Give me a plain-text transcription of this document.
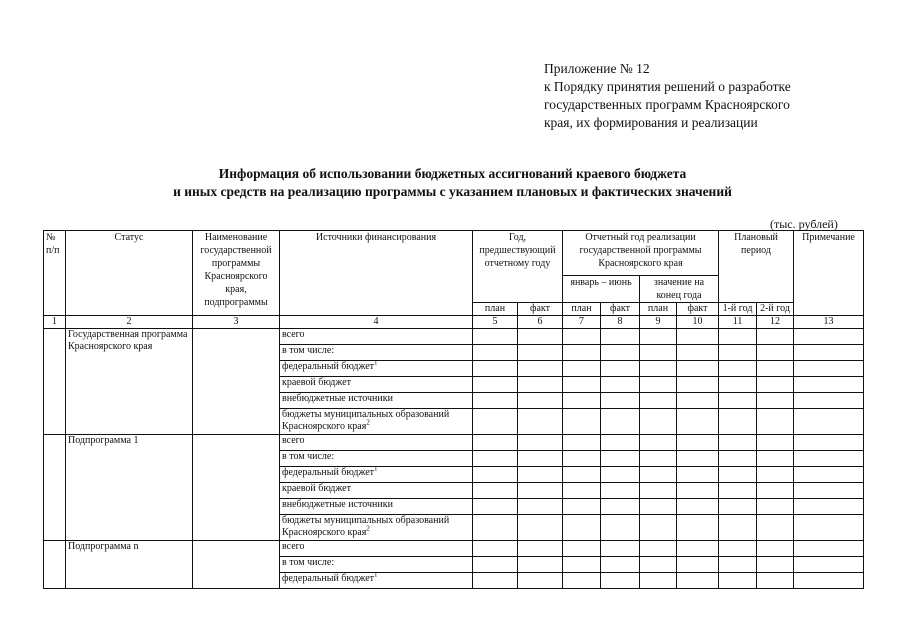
Приложение № 12
к Порядку принятия решений о разработке
государственных программ Красноярского
края, их формирования и реализации
Информация об использовании бюджетных ассигнований краевого бюджета
и иных средств на реализацию программы с указанием плановых и фактических значений
(тыс. рублей)
№ п/п	Статус	Наименование государственной программы Красноярского края, подпрограммы	Источники финансирования	Год, предшествующий отчетному году		Отчетный год реализации государственной программы Красноярского края				Плановый период		Примечание
						январь – июнь		значение на конец года				
				план	факт	план	факт	план	факт	1-й год	2-й год	
1	2	3	4	5	6	7	8	9	10	11	12	13
	Государственная программа Красноярского края		всего									
			в том числе:									
			федеральный бюджет$^1$									
			краевой бюджет									
			внебюджетные источники									
			бюджеты муниципальных образований Красноярского края$^2$									
	Подпрограмма 1		всего									
			в том числе:									
			федеральный бюджет$^1$									
			краевой бюджет									
			внебюджетные источники									
			бюджеты муниципальных образований Красноярского края$^2$									
	Подпрограмма n		всего									
			в том числе:									
			федеральный бюджет$^1$									
